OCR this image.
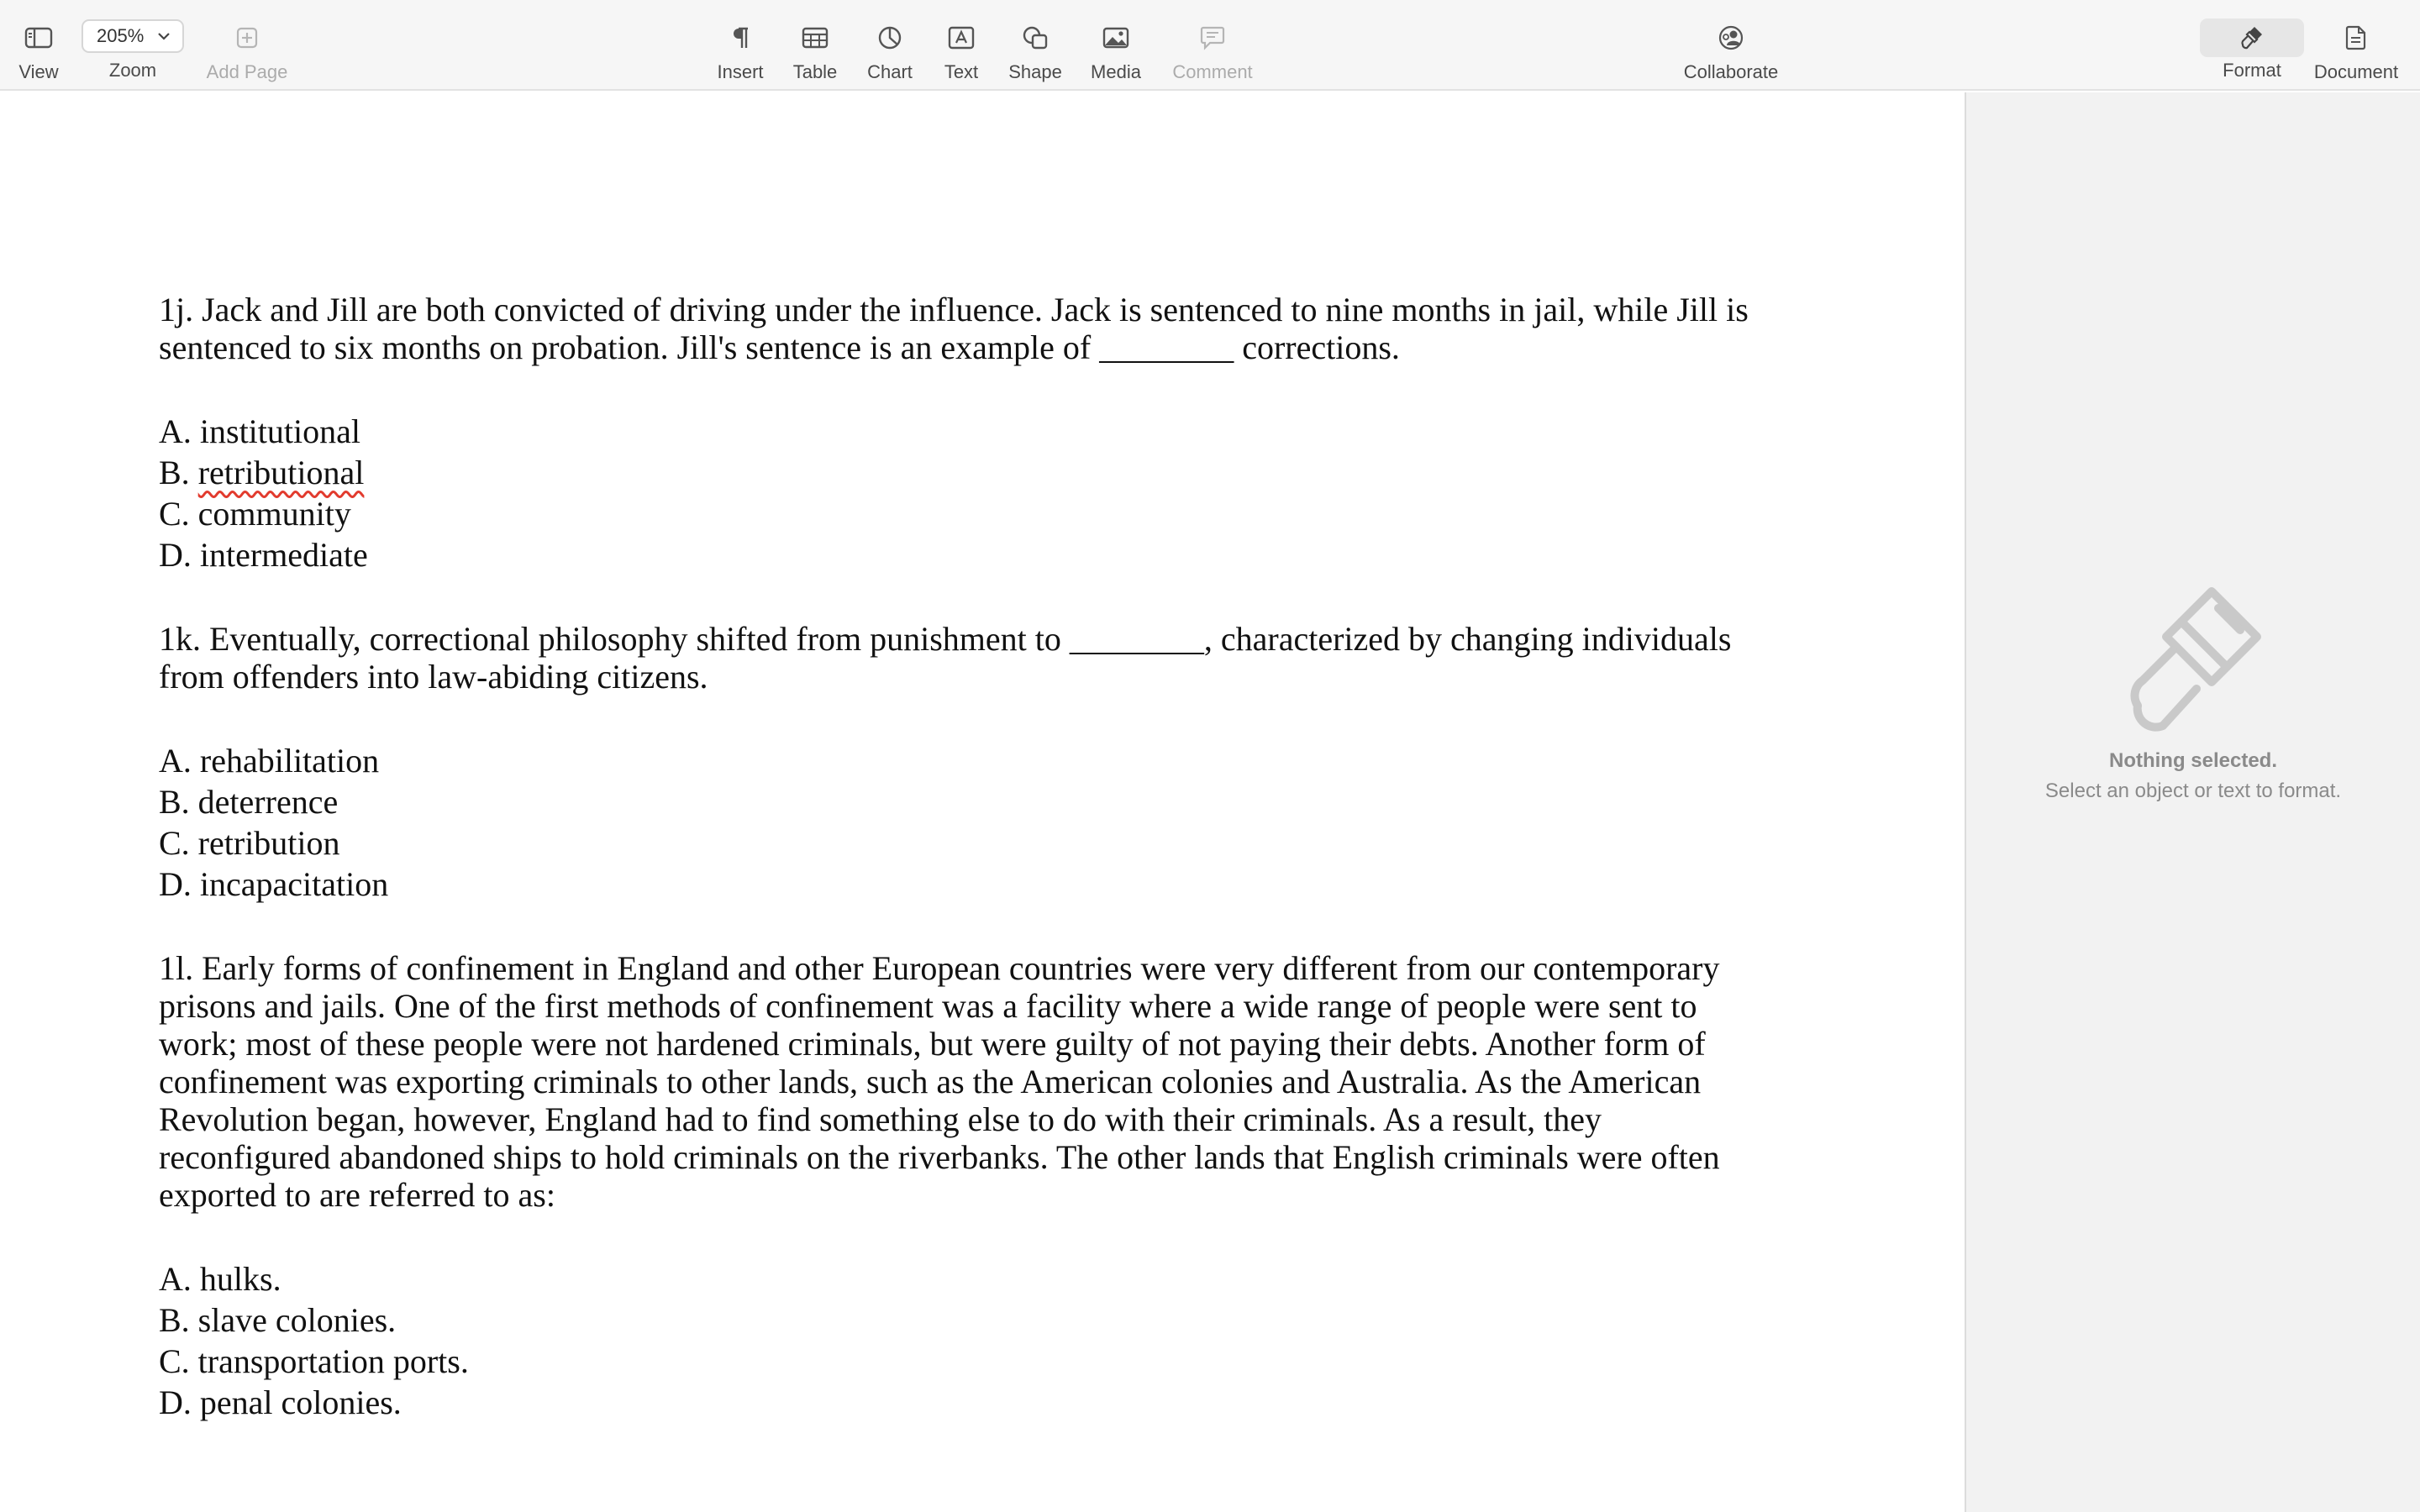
View
205%
Zoom	Add Page	Insert Table Chart Text Shape Media Comment	Collaborate	Format Document

1j. Jack and Jill are both convicted of driving under the influence. Jack is sentenced to nine months in jail, while Jill is sentenced to six months on probation. Jill's sentence is an example of ________ corrections.

A. institutional

B. retributional

C. community

D. intermediate

1k. Eventually, correctional philosophy shifted from punishment to ________, characterized by changing individuals from offenders into law-abiding citizens.

A. rehabilitation

B. deterrence

C. retribution

D. incapacitation

1l. Early forms of confinement in England and other European countries were very different from our contemporary prisons and jails. One of the first methods of confinement was a facility where a wide range of people were sent to work; most of these people were not hardened criminals, but were guilty of not paying their debts. Another form of confinement was exporting criminals to other lands, such as the American colonies and Australia. As the American Revolution began, however, England had to find something else to do with their criminals. As a result, they reconfigured abandoned ships to hold criminals on the riverbanks. The other lands that English criminals were often exported to are referred to as:

A. hulks.

B. slave colonies.

C. transportation ports.

D. penal colonies.

Nothing selected.
Select an object or text to format.
